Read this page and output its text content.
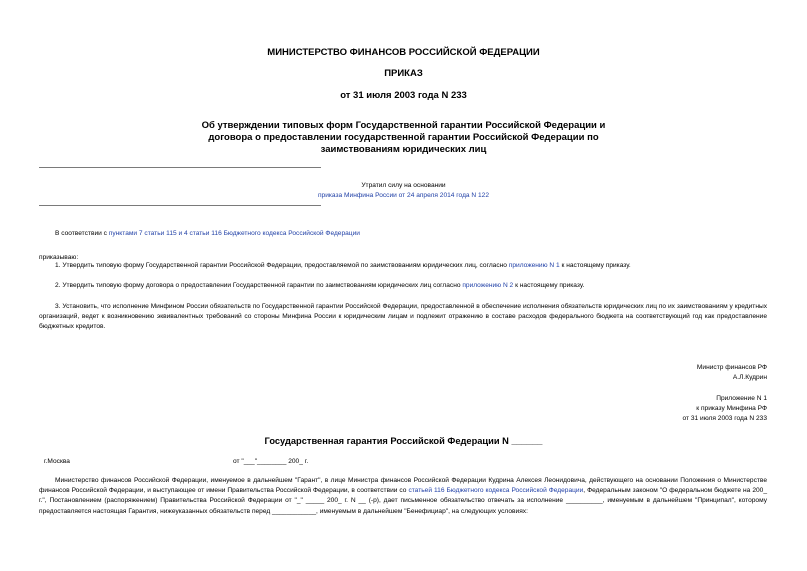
МИНИСТЕРСТВО ФИНАНСОВ РОССИЙСКОЙ ФЕДЕРАЦИИ
ПРИКАЗ
от 31 июля 2003 года N 233
Об утверждении типовых форм Государственной гарантии Российской Федерации и
договора о предоставлении государственной гарантии Российской Федерации по
заимствованиям юридических лиц
Утратил силу на основании
приказа Минфина России от 24 апреля 2014 года N 122
В соответствии с пунктами 7 статьи 115 и 4 статьи 116 Бюджетного кодекса Российской Федерации
приказываю:
1. Утвердить типовую форму Государственной гарантии Российской Федерации, предоставляемой по заимствованиям юридических лиц, согласно приложению N 1 к настоящему приказу.
2. Утвердить типовую форму договора о предоставлении Государственной гарантии по заимствованиям юридических лиц согласно приложению N 2 к настоящему приказу.
3. Установить, что исполнение Минфином России обязательств по Государственной гарантии Российской Федерации, предоставленной в обеспечение исполнения обязательств юридических лиц по их заимствованиям у кредитных организаций, ведет к возникновению эквивалентных требований со стороны Минфина России к юридическим лицам и подлежит отражению в составе расходов федерального бюджета на соответствующий год как предоставление бюджетных кредитов.
Министр финансов РФ
А.Л.Кудрин
Приложение N 1
к приказу Минфина РФ
от 31 июля 2003 года N 233
Государственная гарантия Российской Федерации N ______
г.Москва	от "___"________ 200_ г.
Министерство финансов Российской Федерации, именуемое в дальнейшем "Гарант", в лице Министра финансов Российской Федерации Кудрина Алексея Леонидовича, действующего на основании Положения о Министерстве финансов Российской Федерации, и выступающее от имени Правительства Российской Федерации, в соответствии со статьей 116 Бюджетного кодекса Российской Федерации, Федеральным законом "О федеральном бюджете на 200_ г.", Постановлением (распоряжением) Правительства Российской Федерации от "_" _____ 200_ г. N __ (-р), дает письменное обязательство отвечать за исполнение __________, именуемым в дальнейшем "Принципал", которому предоставляется настоящая Гарантия, нижеуказанных обязательств перед ____________, именуемым в дальнейшем "Бенефициар", на следующих условиях:
